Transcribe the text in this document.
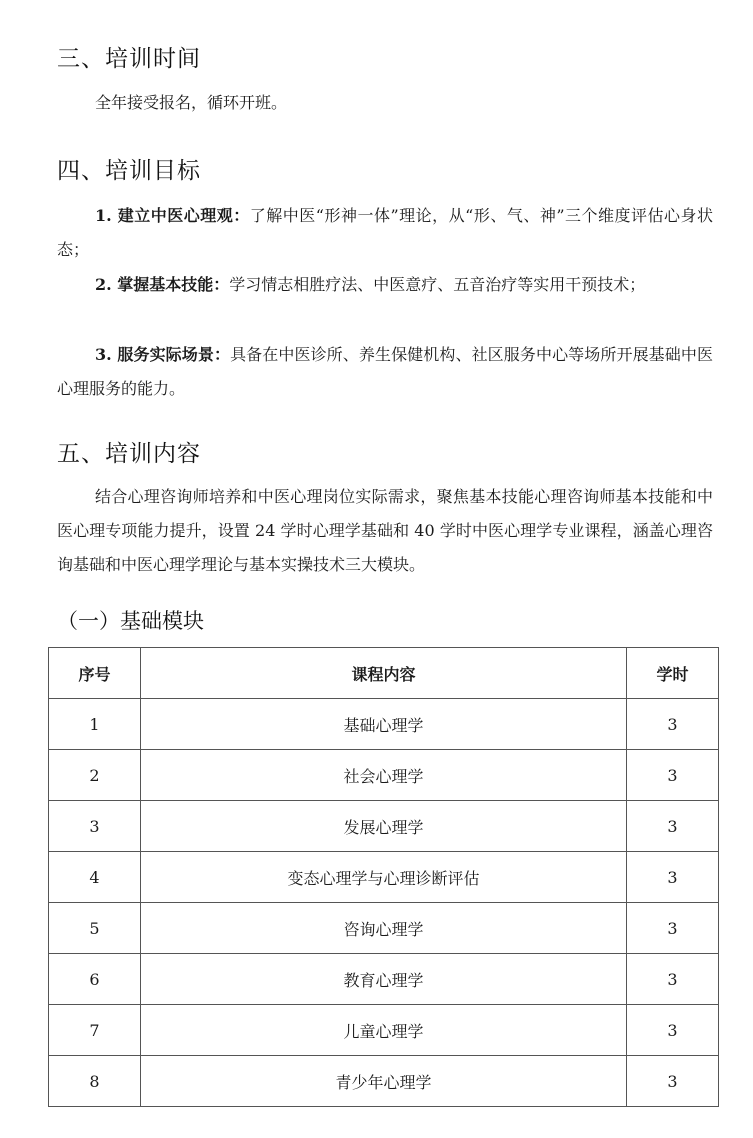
三、培训时间
全年接受报名，循环开班。
四、培训目标
1. 建立中医心理观：了解中医“形神一体”理论，从“形、气、神”三个维度评估心身状态；
2. 掌握基本技能：学习情志相胜疗法、中医意疗、五音治疗等实用干预技术；
3. 服务实际场景：具备在中医诊所、养生保健机构、社区服务中心等场所开展基础中医心理服务的能力。
五、培训内容
结合心理咨询师培养和中医心理岗位实际需求，聚焦基本技能心理咨询师基本技能和中医心理专项能力提升，设置 24 学时心理学基础和 40 学时中医心理学专业课程，涵盖心理咨询基础和中医心理学理论与基本实操技术三大模块。
（一）基础模块
序号	课程内容	学时
1	基础心理学	3
2	社会心理学	3
3	发展心理学	3
4	变态心理学与心理诊断评估	3
5	咨询心理学	3
6	教育心理学	3
7	儿童心理学	3
8	青少年心理学	3
